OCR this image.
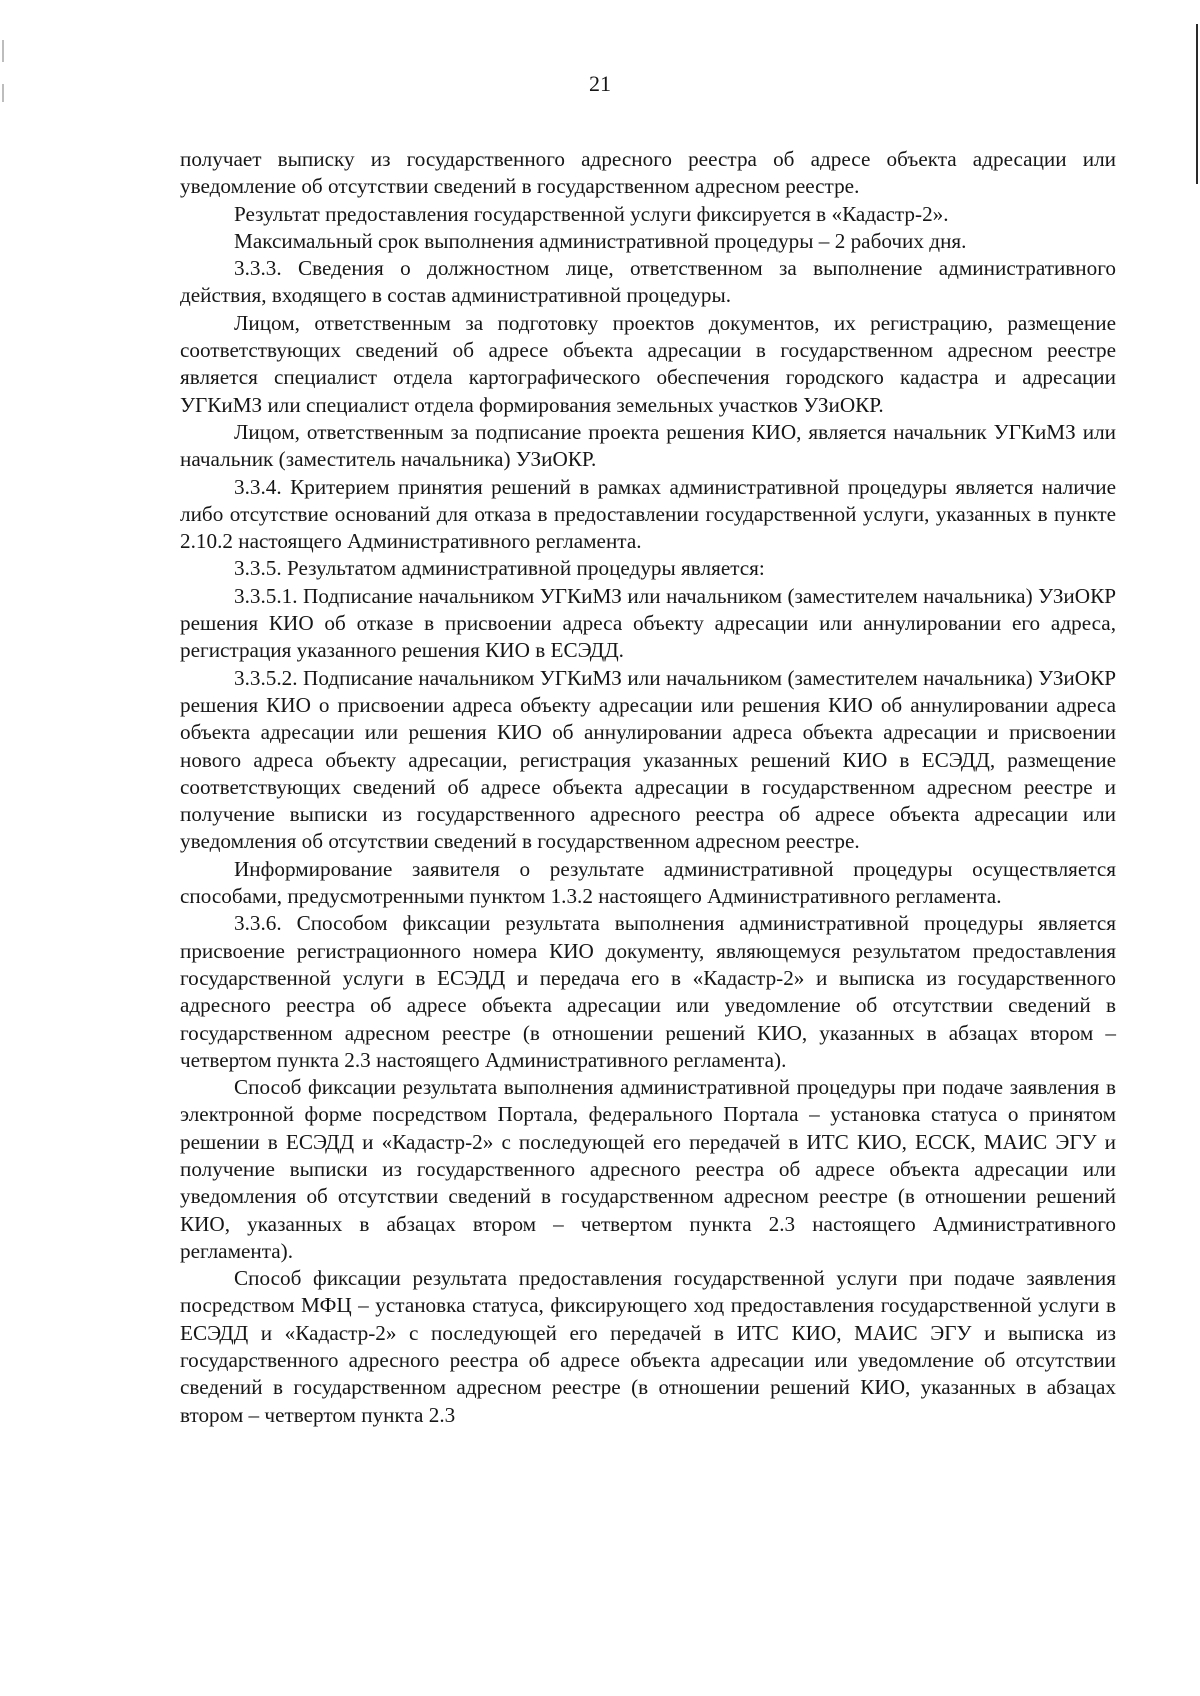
21

получает выписку из государственного адресного реестра об адресе объекта адресации или уведомление об отсутствии сведений в государственном адресном реестре.

Результат предоставления государственной услуги фиксируется в «Кадастр-2».

Максимальный срок выполнения административной процедуры – 2 рабочих дня.

3.3.3. Сведения о должностном лице, ответственном за выполнение административного действия, входящего в состав административной процедуры.

Лицом, ответственным за подготовку проектов документов, их регистрацию, размещение соответствующих сведений об адресе объекта адресации в государственном адресном реестре является специалист отдела картографического обеспечения городского кадастра и адресации УГКиМЗ или специалист отдела формирования земельных участков УЗиОКР.

Лицом, ответственным за подписание проекта решения КИО, является начальник УГКиМЗ или начальник (заместитель начальника) УЗиОКР.

3.3.4. Критерием принятия решений в рамках административной процедуры является наличие либо отсутствие оснований для отказа в предоставлении государственной услуги, указанных в пункте 2.10.2 настоящего Административного регламента.

3.3.5. Результатом административной процедуры является:

3.3.5.1. Подписание начальником УГКиМЗ или начальником (заместителем начальника) УЗиОКР решения КИО об отказе в присвоении адреса объекту адресации или аннулировании его адреса, регистрация указанного решения КИО в ЕСЭДД.

3.3.5.2. Подписание начальником УГКиМЗ или начальником (заместителем начальника) УЗиОКР решения КИО о присвоении адреса объекту адресации или решения КИО об аннулировании адреса объекта адресации или решения КИО об аннулировании адреса объекта адресации и присвоении нового адреса объекту адресации, регистрация указанных решений КИО в ЕСЭДД, размещение соответствующих сведений об адресе объекта адресации в государственном адресном реестре и получение выписки из государственного адресного реестра об адресе объекта адресации или уведомления об отсутствии сведений в государственном адресном реестре.

Информирование заявителя о результате административной процедуры осуществляется способами, предусмотренными пунктом 1.3.2 настоящего Административного регламента.

3.3.6. Способом фиксации результата выполнения административной процедуры является присвоение регистрационного номера КИО документу, являющемуся результатом предоставления государственной услуги в ЕСЭДД и передача его в «Кадастр-2» и выписка из государственного адресного реестра об адресе объекта адресации или уведомление об отсутствии сведений в государственном адресном реестре (в отношении решений КИО, указанных в абзацах втором – четвертом пункта 2.3 настоящего Административного регламента).

Способ фиксации результата выполнения административной процедуры при подаче заявления в электронной форме посредством Портала, федерального Портала – установка статуса о принятом решении в ЕСЭДД и «Кадастр-2» с последующей его передачей в ИТС КИО, ЕССК, МАИС ЭГУ и получение выписки из государственного адресного реестра об адресе объекта адресации или уведомления об отсутствии сведений в государственном адресном реестре (в отношении решений КИО, указанных в абзацах втором – четвертом пункта 2.3 настоящего Административного регламента).

Способ фиксации результата предоставления государственной услуги при подаче заявления посредством МФЦ – установка статуса, фиксирующего ход предоставления государственной услуги в ЕСЭДД и «Кадастр-2» с последующей его передачей в ИТС КИО, МАИС ЭГУ и выписка из государственного адресного реестра об адресе объекта адресации или уведомление об отсутствии сведений в государственном адресном реестре (в отношении решений КИО, указанных в абзацах втором – четвертом пункта 2.3
